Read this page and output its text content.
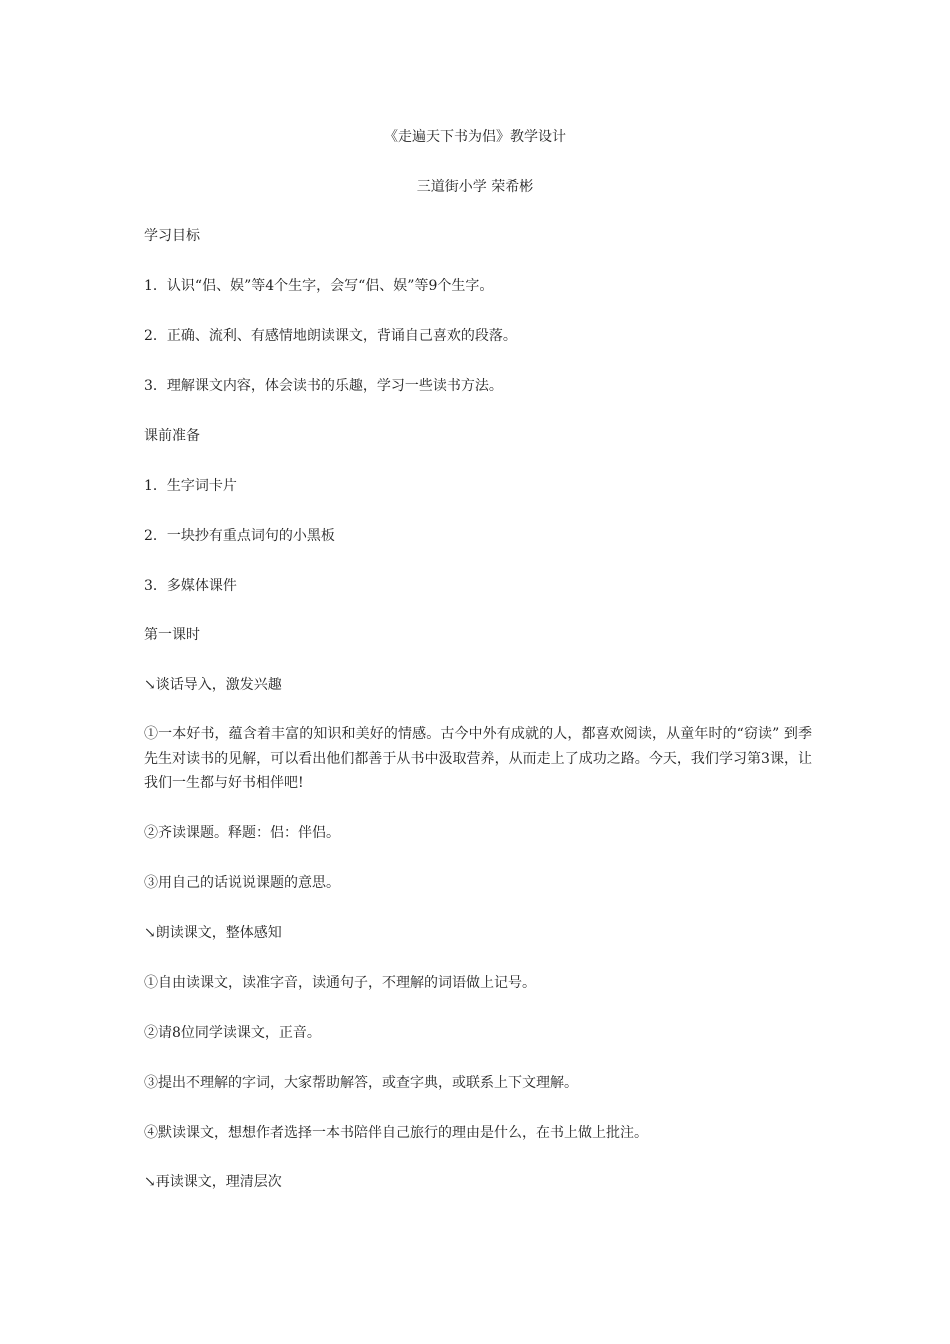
《走遍天下书为侣》教学设计
三道街小学 荣希彬
学习目标
1．认识“侣、娱”等4个生字，会写“侣、娱”等9个生字。
2．正确、流利、有感情地朗读课文，背诵自己喜欢的段落。
3．理解课文内容，体会读书的乐趣，学习一些读书方法。
课前准备
1．生字词卡片
2．一块抄有重点词句的小黑板
3．多媒体课件
第一课时
↘谈话导入，激发兴趣
①一本好书，蕴含着丰富的知识和美好的情感。古今中外有成就的人，都喜欢阅读，从童年时的“窃读” 到季先生对读书的见解，可以看出他们都善于从书中汲取营养，从而走上了成功之路。今天，我们学习第3课，让我们一生都与好书相伴吧!
②齐读课题。释题：侣：伴侣。
③用自己的话说说课题的意思。
↘朗读课文，整体感知
①自由读课文，读准字音，读通句子，不理解的词语做上记号。
②请8位同学读课文，正音。
③提出不理解的字词，大家帮助解答，或查字典，或联系上下文理解。
④默读课文，想想作者选择一本书陪伴自己旅行的理由是什么，在书上做上批注。
↘再读课文，理清层次
